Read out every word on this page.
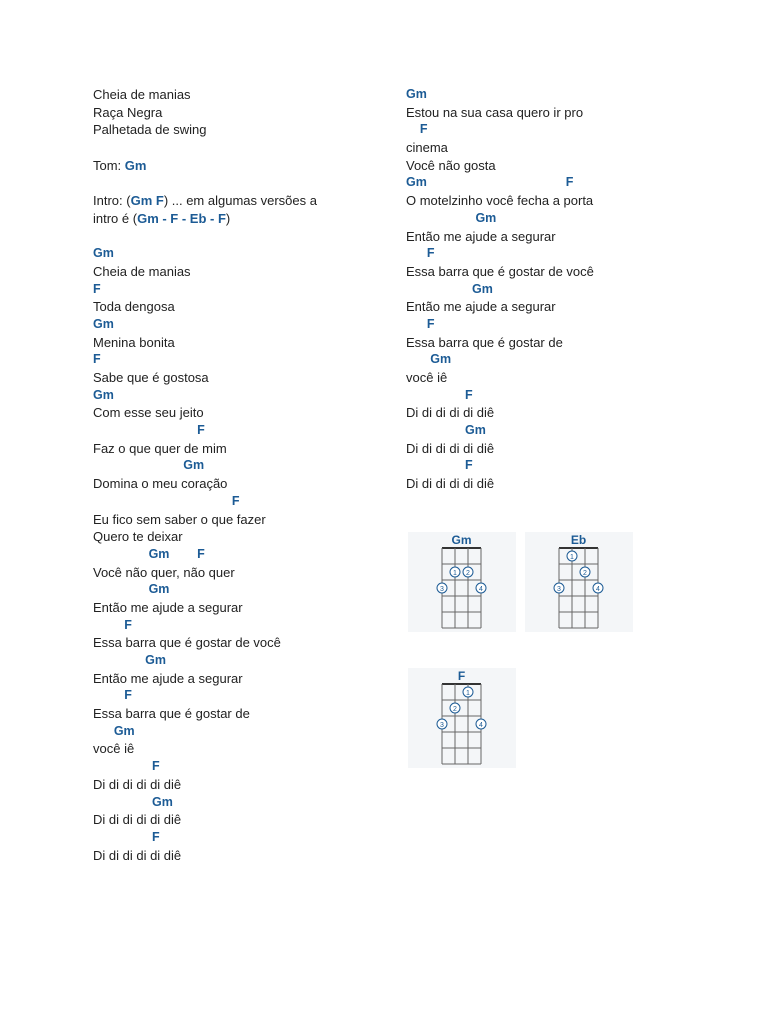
Cheia de manias
Raça Negra
Palhetada de swing
Tom: Gm
Intro: (Gm F) ... em algumas versões a
intro é (Gm - F - Eb - F)
Gm
Cheia de manias
F
Toda dengosa
Gm
Menina bonita
F
Sabe que é gostosa
Gm
Com esse seu jeito
F
Faz o que quer de mim
Gm
Domina o meu coração
F
Eu fico sem saber o que fazer
Quero te deixar
Gm        F
Você não quer, não quer
Gm
Então me ajude a segurar
F
Essa barra que é gostar de você
Gm
Então me ajude a segurar
F
Essa barra que é gostar de
Gm
você iê
F
Di di di di di diê
Gm
Di di di di di diê
F
Di di di di di diê
Gm
Estou na sua casa quero ir pro
F
cinema
Você não gosta
Gm                                        F
O motelzinho você fecha a porta
Gm
Então me ajude a segurar
F
Essa barra que é gostar de você
Gm
Então me ajude a segurar
F
Essa barra que é gostar de
Gm
você iê
F
Di di di di di diê
Gm
Di di di di di diê
F
Di di di di di diê
Gm
1 2
3	4
Eb
1
2
3	4
F
1
2
3	4
